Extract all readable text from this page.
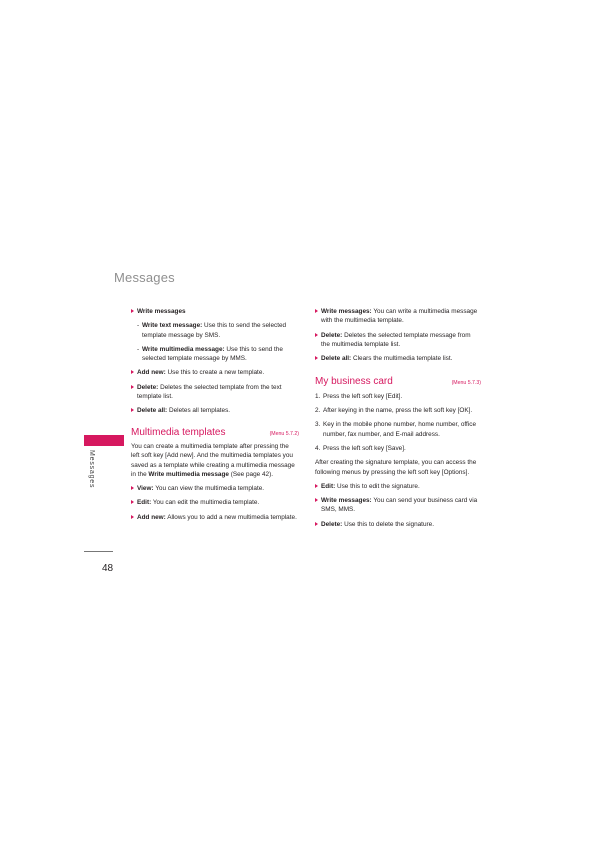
Messages
Messages
48
Write messages
- Write text message: Use this to send the selected template message by SMS.
- Write multimedia message: Use this to send the selected template message by MMS.
Add new: Use this to create a new template.
Delete: Deletes the selected template from the text template list.
Delete all: Deletes all templates.
Multimedia templates	(Menu 5.7.2)
You can create a multimedia template after pressing the left soft key [Add new]. And the multimedia templates you saved as a template while creating a multimedia message in the Write multimedia message (See page 42).
View: You can view the multimedia template.
Edit: You can edit the multimedia template.
Add new: Allows you to add a new multimedia template.
Write messages: You can write a multimedia message with the multimedia template.
Delete: Deletes the selected template message from the multimedia template list.
Delete all: Clears the multimedia template list.
My business card	(Menu 5.7.3)
1. Press the left soft key [Edit].
2. After keying in the name, press the left soft key [OK].
3. Key in the mobile phone number, home number, office number, fax number, and E-mail address.
4. Press the left soft key [Save].
After creating the signature template, you can access the following menus by pressing the left soft key [Options].
Edit: Use this to edit the signature.
Write messages: You can send your business card via SMS, MMS.
Delete: Use this to delete the signature.
